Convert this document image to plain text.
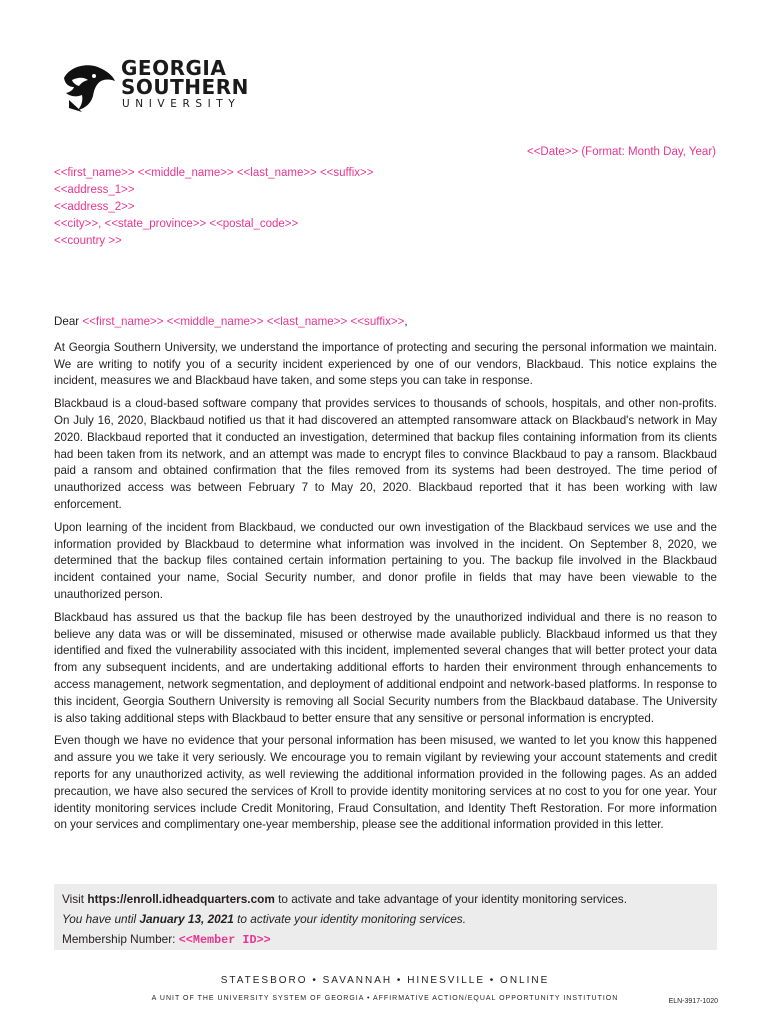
GEORGIA
SOUTHERN
UNIVERSITY
<<Date>> (Format: Month Day, Year)
<<first_name>> <<middle_name>> <<last_name>> <<suffix>>
<<address_1>>
<<address_2>>
<<city>>, <<state_province>> <<postal_code>>
<<country >>

Dear <<first_name>> <<middle_name>> <<last_name>> <<suffix>>,

At Georgia Southern University, we understand the importance of protecting and securing the personal information we maintain. We are writing to notify you of a security incident experienced by one of our vendors, Blackbaud. This notice explains the incident, measures we and Blackbaud have taken, and some steps you can take in response.

Blackbaud is a cloud-based software company that provides services to thousands of schools, hospitals, and other non-profits. On July 16, 2020, Blackbaud notified us that it had discovered an attempted ransomware attack on Blackbaud's network in May 2020. Blackbaud reported that it conducted an investigation, determined that backup files containing information from its clients had been taken from its network, and an attempt was made to encrypt files to convince Blackbaud to pay a ransom. Blackbaud paid a ransom and obtained confirmation that the files removed from its systems had been destroyed. The time period of unauthorized access was between February 7 to May 20, 2020. Blackbaud reported that it has been working with law enforcement.

Upon learning of the incident from Blackbaud, we conducted our own investigation of the Blackbaud services we use and the information provided by Blackbaud to determine what information was involved in the incident. On September 8, 2020, we determined that the backup files contained certain information pertaining to you. The backup file involved in the Blackbaud incident contained your name, Social Security number, and donor profile in fields that may have been viewable to the unauthorized person.

Blackbaud has assured us that the backup file has been destroyed by the unauthorized individual and there is no reason to believe any data was or will be disseminated, misused or otherwise made available publicly. Blackbaud informed us that they identified and fixed the vulnerability associated with this incident, implemented several changes that will better protect your data from any subsequent incidents, and are undertaking additional efforts to harden their environment through enhancements to access management, network segmentation, and deployment of additional endpoint and network-based platforms. In response to this incident, Georgia Southern University is removing all Social Security numbers from the Blackbaud database. The University is also taking additional steps with Blackbaud to better ensure that any sensitive or personal information is encrypted.

Even though we have no evidence that your personal information has been misused, we wanted to let you know this happened and assure you we take it very seriously. We encourage you to remain vigilant by reviewing your account statements and credit reports for any unauthorized activity, as well reviewing the additional information provided in the following pages. As an added precaution, we have also secured the services of Kroll to provide identity monitoring services at no cost to you for one year. Your identity monitoring services include Credit Monitoring, Fraud Consultation, and Identity Theft Restoration. For more information on your services and complimentary one-year membership, please see the additional information provided in this letter.

Visit https://enroll.idheadquarters.com to activate and take advantage of your identity monitoring services.
You have until January 13, 2021 to activate your identity monitoring services.
Membership Number: <<Member ID>>
STATESBORO • SAVANNAH • HINESVILLE • ONLINE
A UNIT OF THE UNIVERSITY SYSTEM OF GEORGIA • AFFIRMATIVE ACTION/EQUAL OPPORTUNITY INSTITUTION	ELN-3917-1020
